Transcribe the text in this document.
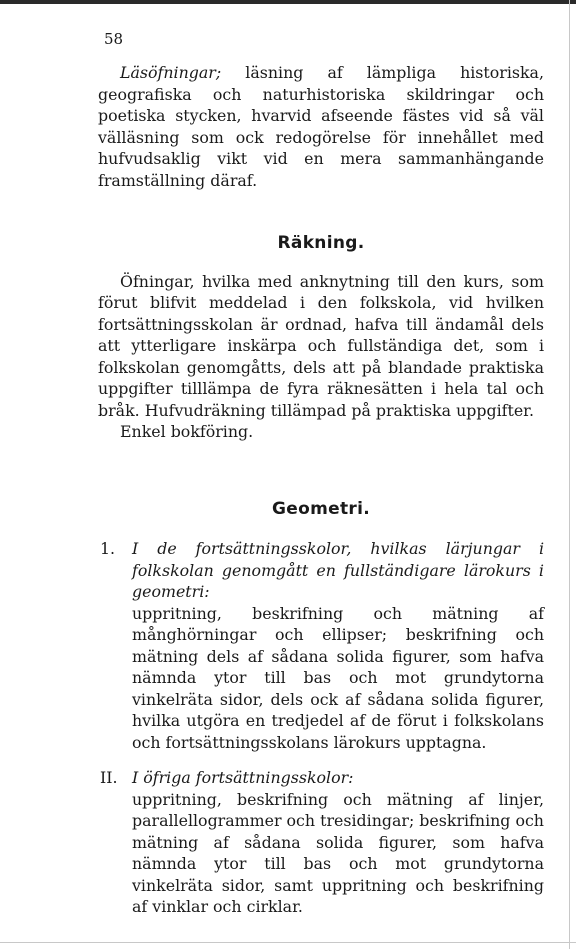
58

Läsöfningar; läsning af lämpliga historiska, geografiska och naturhistoriska skildringar och poetiska stycken, hvarvid afseende fästes vid så väl välläsning som ock redogörelse för innehållet med hufvudsaklig vikt vid en mera sammanhängande framställning däraf.

Räkning.

Öfningar, hvilka med anknytning till den kurs, som förut blifvit meddelad i den folkskola, vid hvilken fortsättningsskolan är ordnad, hafva till ändamål dels att ytterligare inskärpa och fullständiga det, som i folkskolan genomgåtts, dels att på blandade praktiska uppgifter tilllämpa de fyra räknesätten i hela tal och bråk. Hufvudräkning tillämpad på praktiska uppgifter.

Enkel bokföring.

Geometri.
1.	I de fortsättningsskolor, hvilkas lärjungar i folkskolan genomgått en fullständigare lärokurs i geometri:

uppritning, beskrifning och mätning af månghörningar och ellipser; beskrifning och mätning dels af sådana solida figurer, som hafva nämnda ytor till bas och mot grundytorna vinkelräta sidor, dels ock af sådana solida figurer, hvilka utgöra en tredjedel af de förut i folkskolans och fortsättningsskolans lärokurs upptagna.

II. I öfriga fortsättningsskolor:

uppritning, beskrifning och mätning af linjer, parallellogrammer och tresidingar; beskrifning och mätning af sådana solida figurer, som hafva nämnda ytor till bas och mot grundytorna vinkelräta sidor, samt uppritning och beskrifning af vinklar och cirklar.
